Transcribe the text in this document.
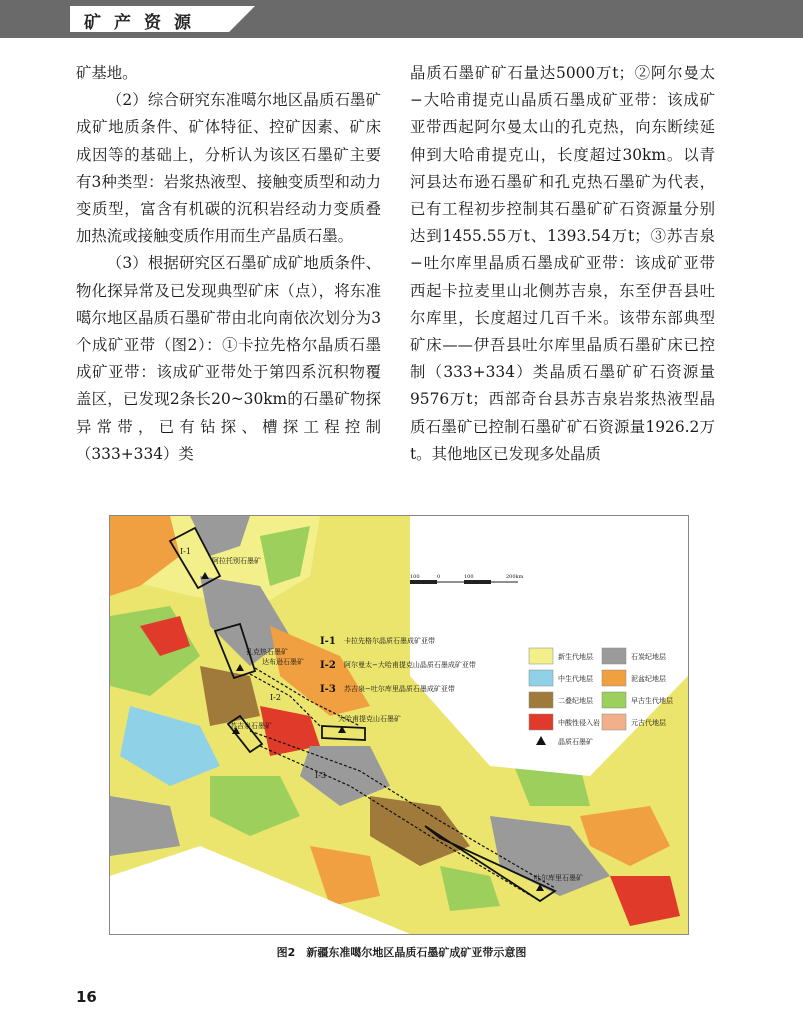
矿产资源

矿基地。

（2）综合研究东准噶尔地区晶质石墨矿成矿地质条件、矿体特征、控矿因素、矿床成因等的基础上，分析认为该区石墨矿主要有3种类型：岩浆热液型、接触变质型和动力变质型，富含有机碳的沉积岩经动力变质叠加热流或接触变质作用而生产晶质石墨。

（3）根据研究区石墨矿成矿地质条件、物化探异常及已发现典型矿床（点），将东准噶尔地区晶质石墨矿带由北向南依次划分为3个成矿亚带（图2）：①卡拉先格尔晶质石墨成矿亚带：该成矿亚带处于第四系沉积物覆盖区，已发现2条长20~30km的石墨矿物探异常带，已有钻探、槽探工程控制（333+334）类

晶质石墨矿矿石量达5000万t；②阿尔曼太−大哈甫提克山晶质石墨成矿亚带：该成矿亚带西起阿尔曼太山的孔克热，向东断续延伸到大哈甫提克山，长度超过30km。以青河县达布逊石墨矿和孔克热石墨矿为代表，已有工程初步控制其石墨矿矿石资源量分别达到1455.55万t、1393.54万t；③苏吉泉−吐尔库里晶质石墨成矿亚带：该成矿亚带西起卡拉麦里山北侧苏吉泉，东至伊吾县吐尔库里，长度超过几百千米。该带东部典型矿床——伊吾县吐尔库里晶质石墨矿床已控制（333+334）类晶质石墨矿矿石资源量9576万t；西部奇台县苏吉泉岩浆热液型晶质石墨矿已控制石墨矿矿石资源量1926.2万t。其他地区已发现多处晶质

100	0	100	200km
I-1
I-2
I-3
阿拉托别石墨矿
孔克热石墨矿
达布逊石墨矿
大哈甫提克山石墨矿
苏吉泉石墨矿
吐尔库里石墨矿
I-1 卡拉先格尔晶质石墨成矿亚带
I-2 阿尔曼太−大哈甫提克山晶质石墨成矿亚带
I-3 苏吉泉−吐尔库里晶质石墨成矿亚带
新生代地层	石炭纪地层
中生代地层	泥盆纪地层
二叠纪地层	早古生代地层
中酸性侵入岩	元古代地层
晶质石墨矿
图2　新疆东准噶尔地区晶质石墨矿成矿亚带示意图
16
